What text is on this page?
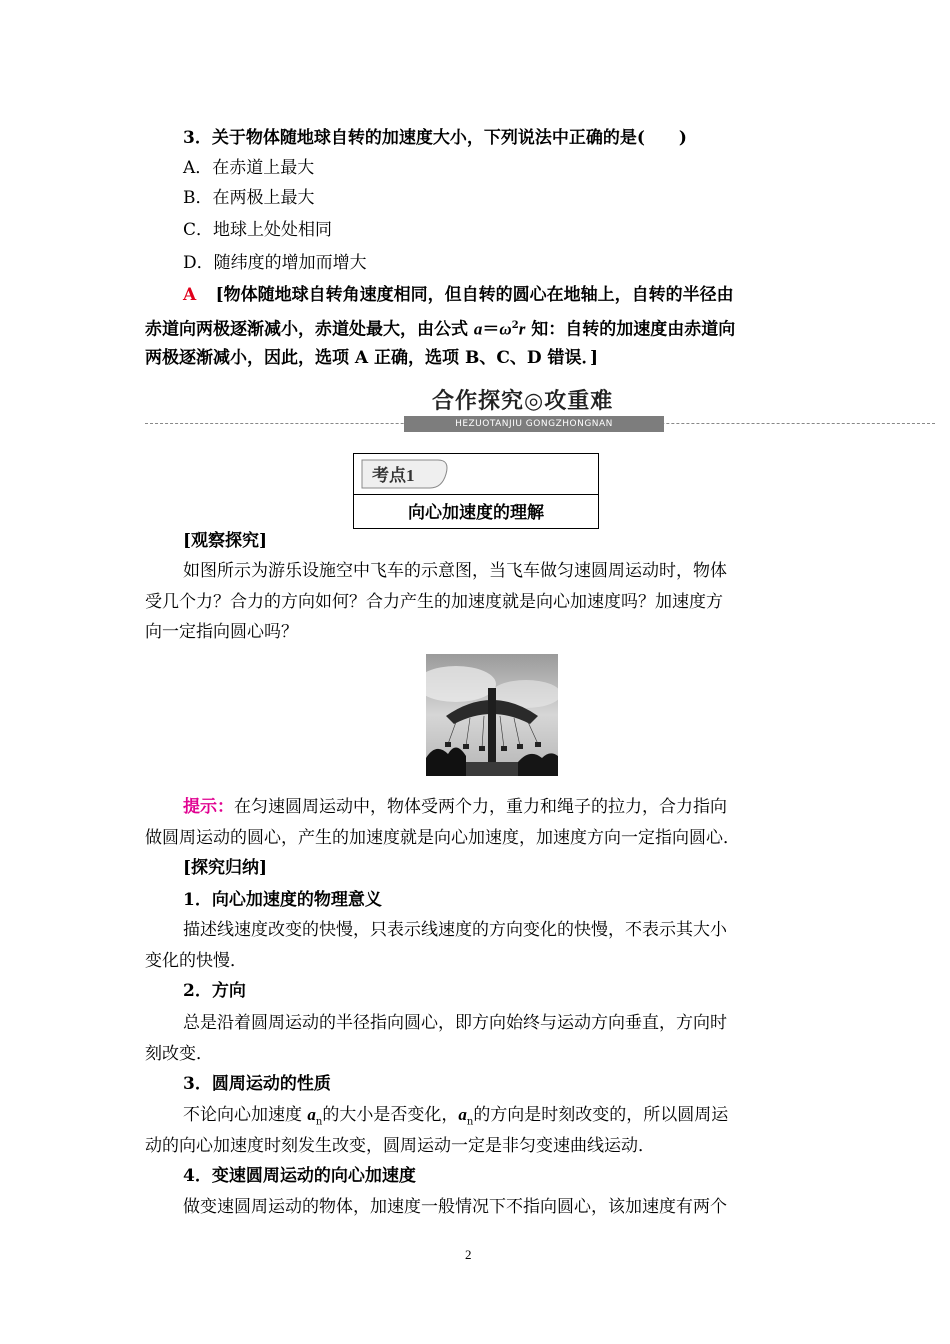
3．关于物体随地球自转的加速度大小，下列说法中正确的是(　　)
A．在赤道上最大
B．在两极上最大
C．地球上处处相同
D．随纬度的增加而增大
A [物体随地球自转角速度相同，但自转的圆心在地轴上，自转的半径由
赤道向两极逐渐减小，赤道处最大，由公式 $a=\omega^2r$ 知：自转的加速度由赤道向
两极逐渐减小，因此，选项 A 正确，选项 B、C、D 错误．]
合作探究◎攻重难
HEZUOTANJIU GONGZHONGNAN
考点1
向心加速度的理解
[观察探究]
如图所示为游乐设施空中飞车的示意图，当飞车做匀速圆周运动时，物体
受几个力？合力的方向如何？合力产生的加速度就是向心加速度吗？加速度方
向一定指向圆心吗？
提示：在匀速圆周运动中，物体受两个力，重力和绳子的拉力，合力指向
做圆周运动的圆心，产生的加速度就是向心加速度，加速度方向一定指向圆心．
[探究归纳]
1．向心加速度的物理意义
描述线速度改变的快慢，只表示线速度的方向变化的快慢，不表示其大小
变化的快慢．
2．方向
总是沿着圆周运动的半径指向圆心，即方向始终与运动方向垂直，方向时
刻改变．
3．圆周运动的性质
不论向心加速度 $a_n$的大小是否变化，$a_n$的方向是时刻改变的，所以圆周运
动的向心加速度时刻发生改变，圆周运动一定是非匀变速曲线运动．
4．变速圆周运动的向心加速度
做变速圆周运动的物体，加速度一般情况下不指向圆心，该加速度有两个
2
